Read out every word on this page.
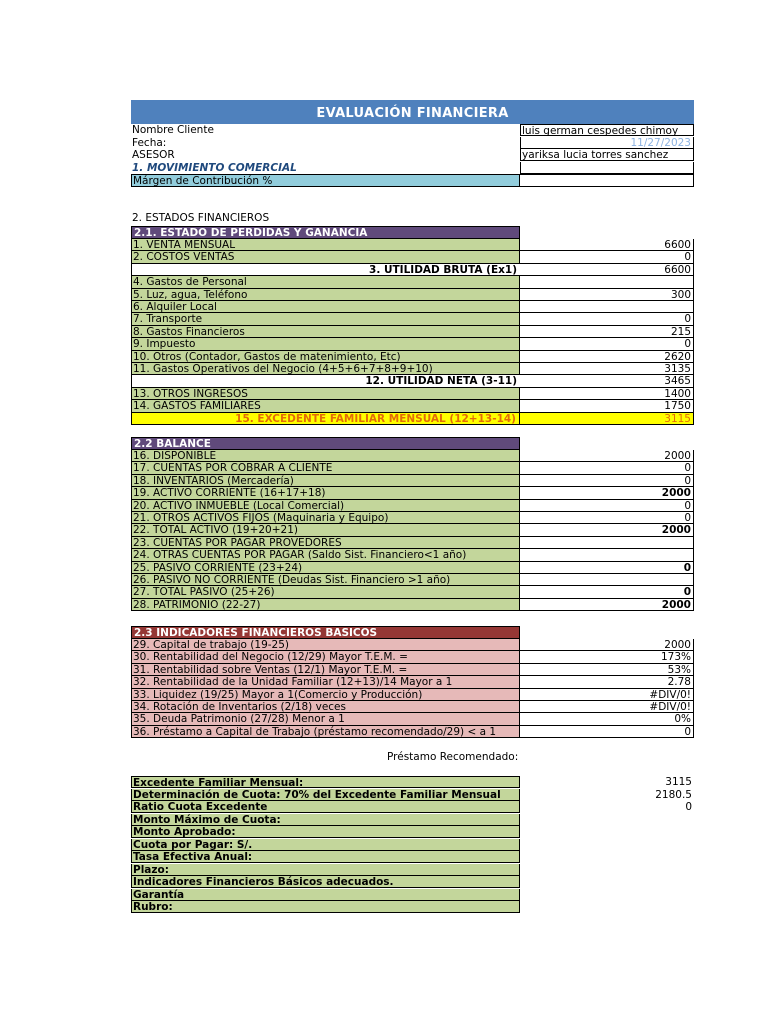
EVALUACIÓN FINANCIERA
Nombre Cliente	luis german cespedes chimoy
Fecha:	11/27/2023
ASESOR	yariksa lucia torres sanchez
1. MOVIMIENTO COMERCIAL
Márgen de Contribución %
2. ESTADOS FINANCIEROS
2.1. ESTADO DE PERDIDAS Y GANANCIA
1. VENTA MENSUAL	6600
2. COSTOS VENTAS	0
3. UTILIDAD BRUTA (Ex1)	6600
4. Gastos de Personal
5. Luz, agua, Teléfono	300
6. Alquiler Local
7. Transporte	0
8. Gastos Financieros	215
9. Impuesto	0
10. Otros (Contador, Gastos de matenimiento, Etc)	2620
11. Gastos Operativos del Negocio (4+5+6+7+8+9+10)	3135
12. UTILIDAD NETA (3-11)	3465
13. OTROS INGRESOS	1400
14. GASTOS FAMILIARES	1750
15. EXCEDENTE FAMILIAR MENSUAL (12+13-14)	3115
2.2 BALANCE
16. DISPONIBLE	2000
17. CUENTAS POR COBRAR A CLIENTE	0
18. INVENTARIOS (Mercadería)	0
19. ACTIVO CORRIENTE (16+17+18)	2000
20. ACTIVO INMUEBLE (Local Comercial)	0
21. OTROS ACTIVOS FIJOS (Maquinaria y Equipo)	0
22. TOTAL ACTIVO (19+20+21)	2000
23. CUENTAS POR PAGAR PROVEDORES
24. OTRAS CUENTAS POR PAGAR (Saldo Sist. Financiero<1 año)
25. PASIVO CORRIENTE (23+24)	0
26. PASIVO NO CORRIENTE (Deudas Sist. Financiero >1 año)
27. TOTAL PASIVO (25+26)	0
28. PATRIMONIO (22-27)	2000
2.3 INDICADORES FINANCIEROS BASICOS
29. Capital de trabajo (19-25)	2000
30. Rentabilidad del Negocio (12/29) Mayor T.E.M. =	173%
31. Rentabilidad sobre Ventas (12/1) Mayor T.E.M. =	53%
32. Rentabilidad de la Unidad Familiar (12+13)/14 Mayor a 1	2.78
33. Liquidez (19/25) Mayor a 1(Comercio y Producción)	#DIV/0!
34. Rotación de Inventarios (2/18) veces	#DIV/0!
35. Deuda Patrimonio (27/28) Menor a 1	0%
36. Préstamo a Capital de Trabajo (préstamo recomendado/29) < a 1	0
Préstamo Recomendado:
Excedente Familiar Mensual:	3115
Determinación de Cuota: 70% del Excedente Familiar Mensual	2180.5
Ratio Cuota Excedente	0
Monto Máximo de Cuota:
Monto Aprobado:
Cuota por Pagar: S/.
Tasa Efectiva Anual:
Plazo:
Indicadores Financieros Básicos adecuados.
Garantía
Rubro:
